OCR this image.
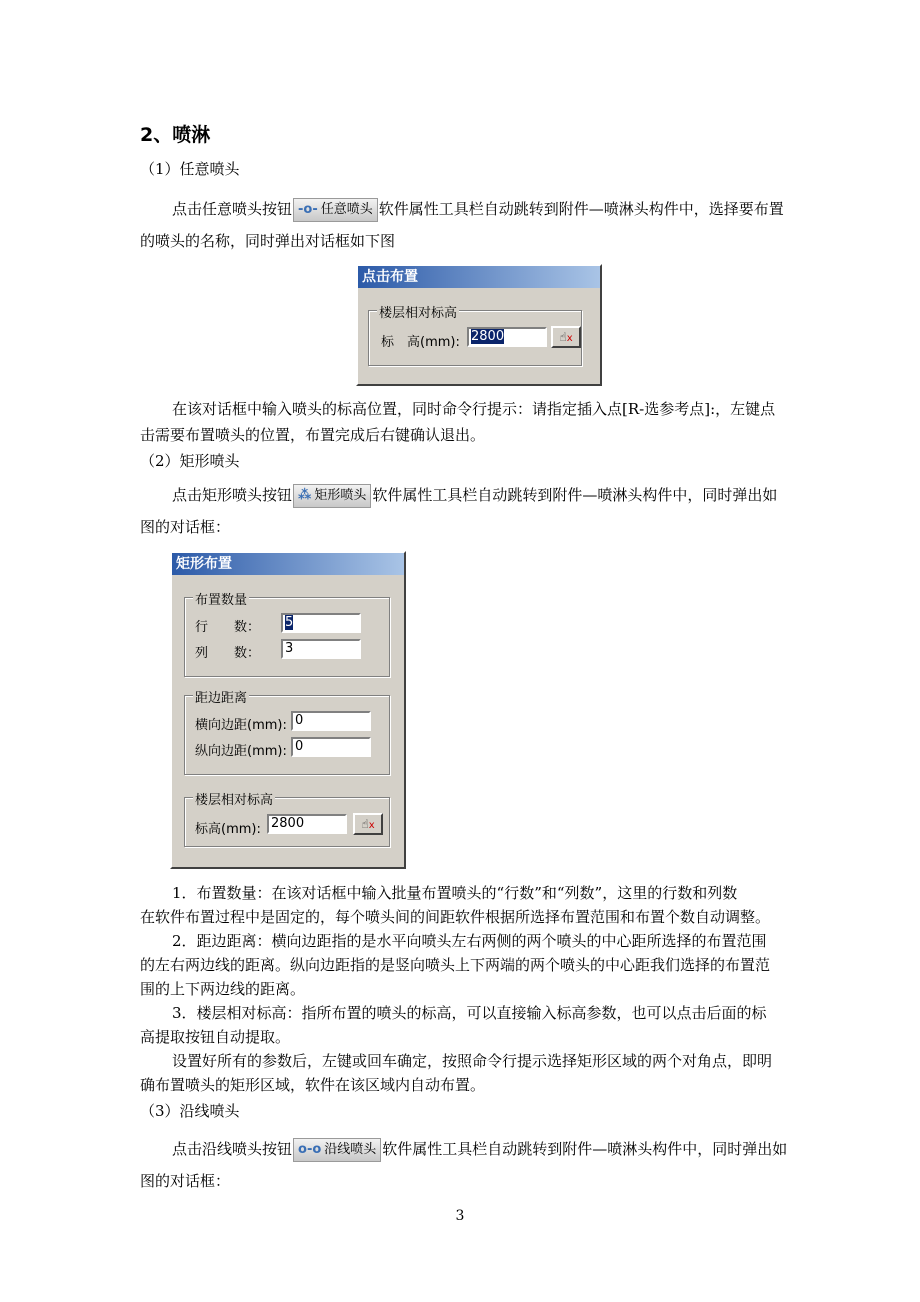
2、喷淋
（1）任意喷头
点击任意喷头按钮 -o- 任意喷头 软件属性工具栏自动跳转到附件—喷淋头构件中，选择要布置
的喷头的名称，同时弹出对话框如下图
点击布置
楼层相对标高
标　高(mm): 2800	☝x
在该对话框中输入喷头的标高位置，同时命令行提示：请指定插入点[R-选参考点]:，左键点
击需要布置喷头的位置，布置完成后右键确认退出。
（2）矩形喷头
点击矩形喷头按钮 ⁂ 矩形喷头 软件属性工具栏自动跳转到附件—喷淋头构件中，同时弹出如
图的对话框：
矩形布置
布置数量
行　　数：	5
列　　数：	3
距边距离
横向边距(mm): 0
纵向边距(mm): 0
楼层相对标高
标高(mm): 2800	☝x
1．布置数量：在该对话框中输入批量布置喷头的“行数”和“列数”，这里的行数和列数
在软件布置过程中是固定的，每个喷头间的间距软件根据所选择布置范围和布置个数自动调整。
2．距边距离：横向边距指的是水平向喷头左右两侧的两个喷头的中心距所选择的布置范围
的左右两边线的距离。纵向边距指的是竖向喷头上下两端的两个喷头的中心距我们选择的布置范
围的上下两边线的距离。
3．楼层相对标高：指所布置的喷头的标高，可以直接输入标高参数，也可以点击后面的标
高提取按钮自动提取。
设置好所有的参数后，左键或回车确定，按照命令行提示选择矩形区域的两个对角点，即明
确布置喷头的矩形区域，软件在该区域内自动布置。
（3）沿线喷头
点击沿线喷头按钮 o-o 沿线喷头 软件属性工具栏自动跳转到附件—喷淋头构件中，同时弹出如
图的对话框：
3
